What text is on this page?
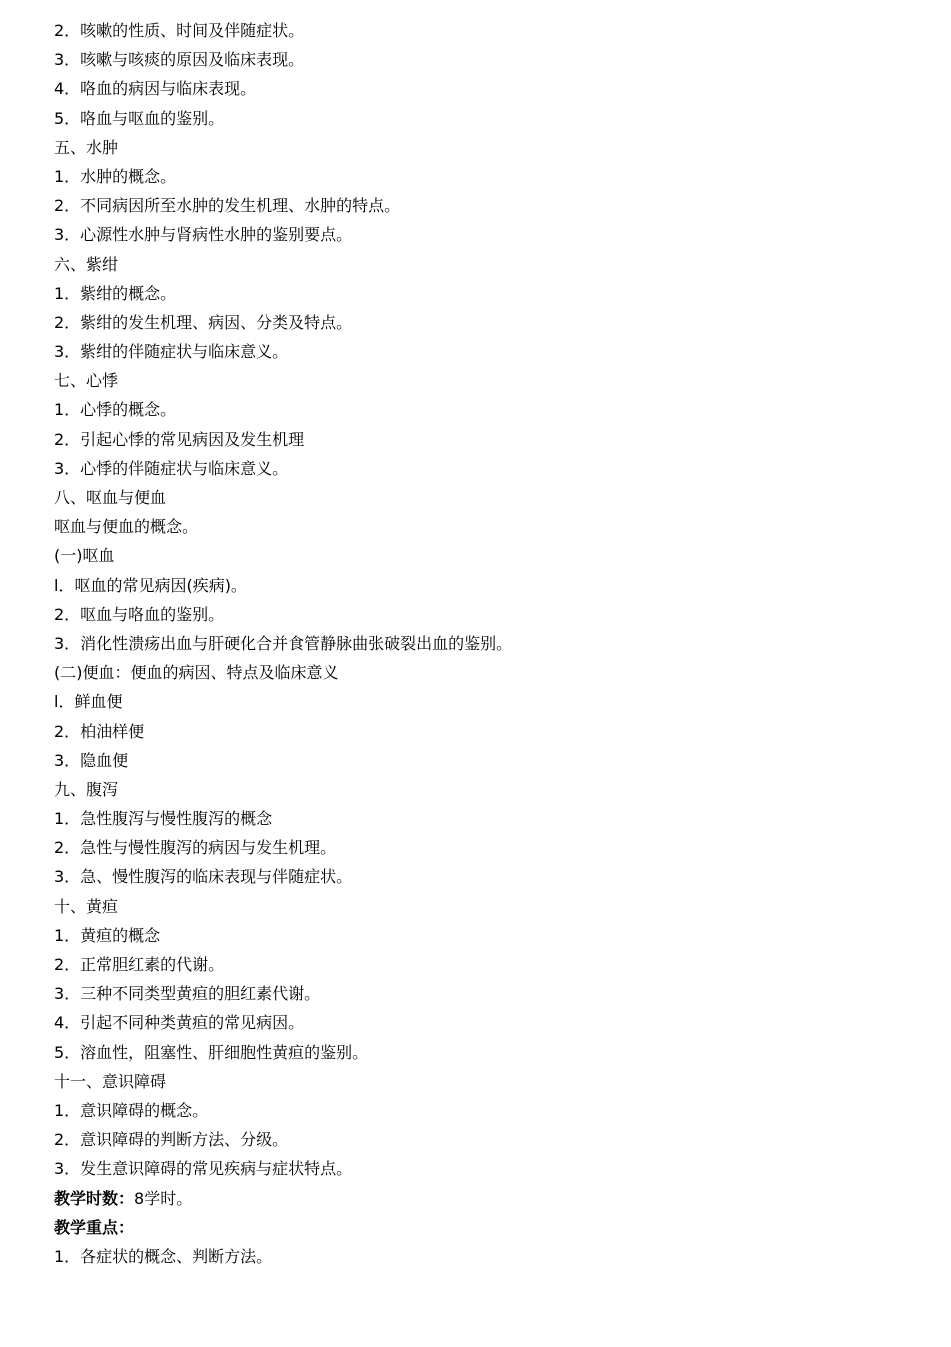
2．咳嗽的性质、时间及伴随症状。
3．咳嗽与咳痰的原因及临床表现。
4．咯血的病因与临床表现。
5．咯血与呕血的鉴别。
五、水肿
1．水肿的概念。
2．不同病因所至水肿的发生机理、水肿的特点。
3．心源性水肿与肾病性水肿的鉴别要点。
六、紫绀
1．紫绀的概念。
2．紫绀的发生机理、病因、分类及特点。
3．紫绀的伴随症状与临床意义。
七、心悸
1．心悸的概念。
2．引起心悸的常见病因及发生机理
3．心悸的伴随症状与临床意义。
八、呕血与便血
呕血与便血的概念。
(一)呕血
l．呕血的常见病因(疾病)。
2．呕血与咯血的鉴别。
3．消化性溃疡出血与肝硬化合并食管静脉曲张破裂出血的鉴别。
(二)便血：便血的病因、特点及临床意义
l．鲜血便
2．柏油样便
3．隐血便
九、腹泻
1．急性腹泻与慢性腹泻的概念
2．急性与慢性腹泻的病因与发生机理。
3．急、慢性腹泻的临床表现与伴随症状。
十、黄疸
1．黄疸的概念
2．正常胆红素的代谢。
3．三种不同类型黄疸的胆红素代谢。
4．引起不同种类黄疸的常见病因。
5．溶血性，阻塞性、肝细胞性黄疸的鉴别。
十一、意识障碍
1．意识障碍的概念。
2．意识障碍的判断方法、分级。
3．发生意识障碍的常见疾病与症状特点。
教学时数：8学时。
教学重点：
1．各症状的概念、判断方法。
